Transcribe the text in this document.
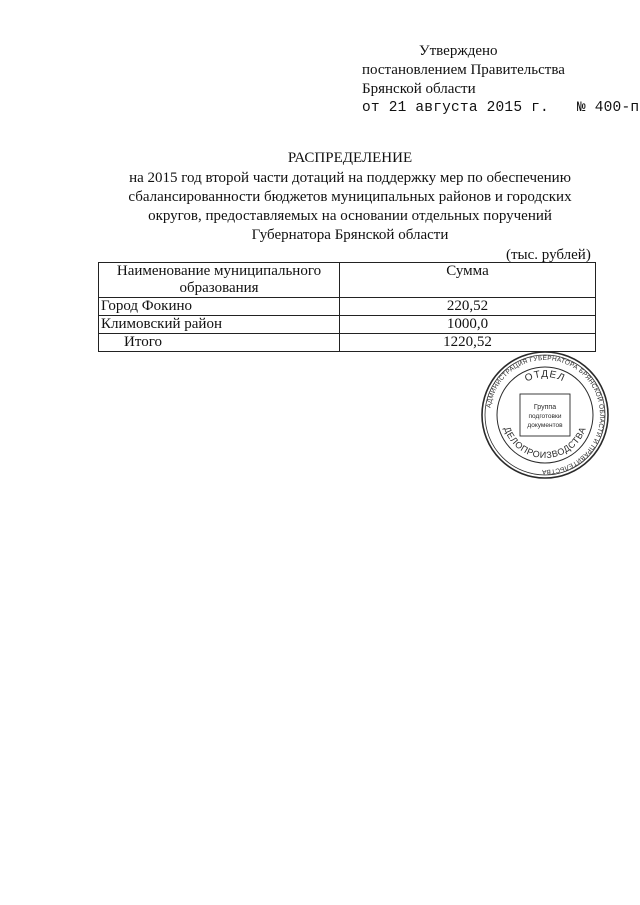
Утверждено
постановлением Правительства
Брянской области
от 21 августа 2015 г. № 400-п
РАСПРЕДЕЛЕНИЕ
на 2015 год второй части дотаций на поддержку мер по обеспечению
сбалансированности бюджетов муниципальных районов и городских
округов, предоставляемых на основании отдельных поручений
Губернатора Брянской области
(тыс. рублей)
Наименование муниципального образования	Сумма
Город Фокино	220,52
Климовский район	1000,0
Итого	1220,52
АДМИНИСТРАЦИЯ ГУБЕРНАТОРА БРЯНСКОЙ ОБЛАСТИ И ПРАВИТЕЛЬСТВА
ОТДЕЛ
ДЕЛОПРОИЗВОДСТВА
Группа
подготовки
документов
